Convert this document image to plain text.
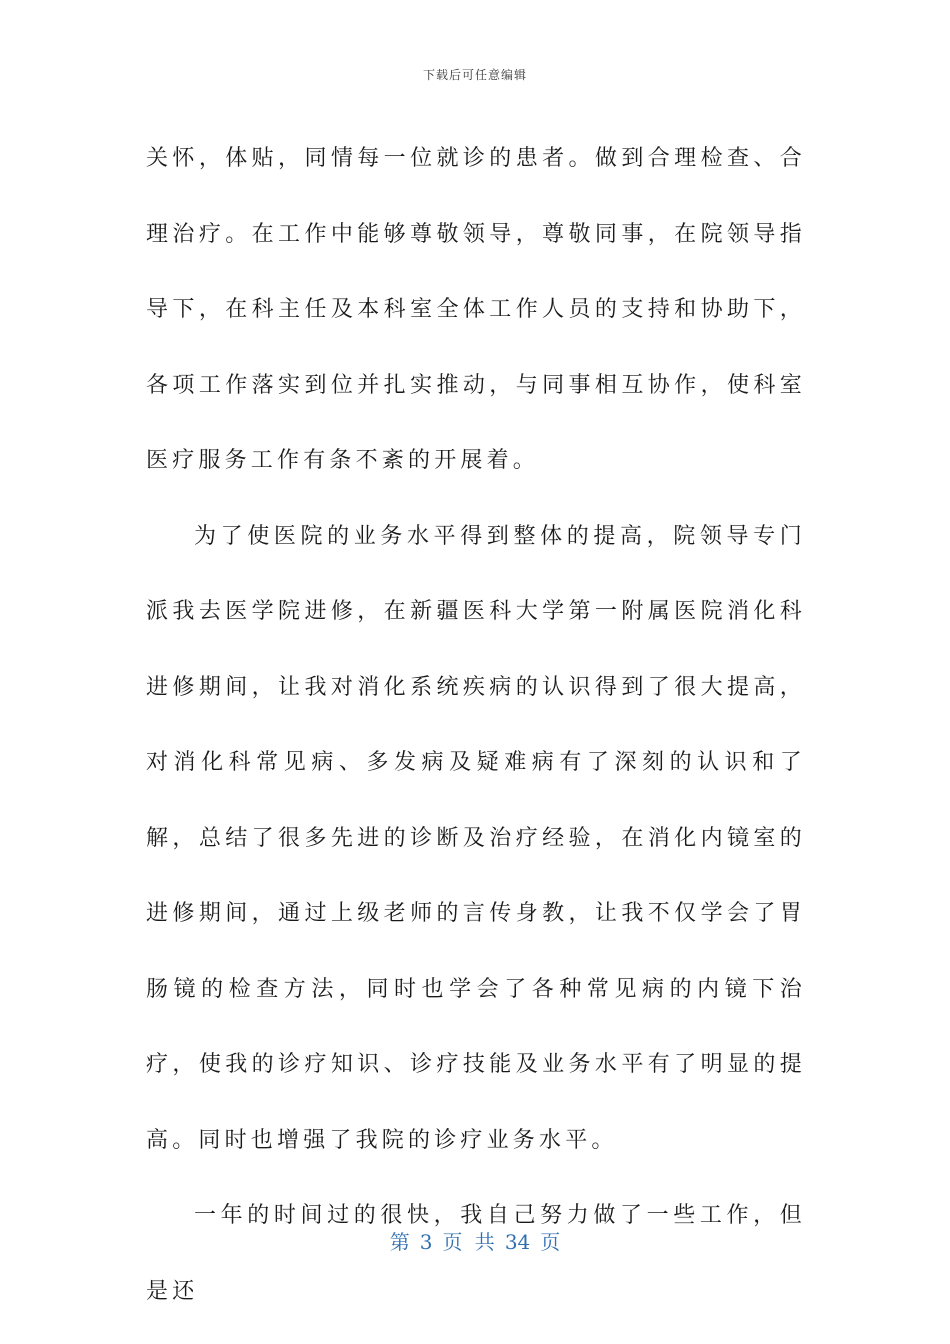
下载后可任意编辑

关怀，体贴，同情每一位就诊的患者。做到合理检查、合理治疗。在工作中能够尊敬领导，尊敬同事，在院领导指导下，在科主任及本科室全体工作人员的支持和协助下，各项工作落实到位并扎实推动，与同事相互协作，使科室医疗服务工作有条不紊的开展着。

为了使医院的业务水平得到整体的提高，院领导专门派我去医学院进修，在新疆医科大学第一附属医院消化科进修期间，让我对消化系统疾病的认识得到了很大提高，对消化科常见病、多发病及疑难病有了深刻的认识和了解，总结了很多先进的诊断及治疗经验，在消化内镜室的进修期间，通过上级老师的言传身教，让我不仅学会了胃肠镜的检查方法，同时也学会了各种常见病的内镜下治疗，使我的诊疗知识、诊疗技能及业务水平有了明显的提高。同时也增强了我院的诊疗业务水平。

一年的时间过的很快，我自己努力做了一些工作，但是还

第 3 页 共 34 页
